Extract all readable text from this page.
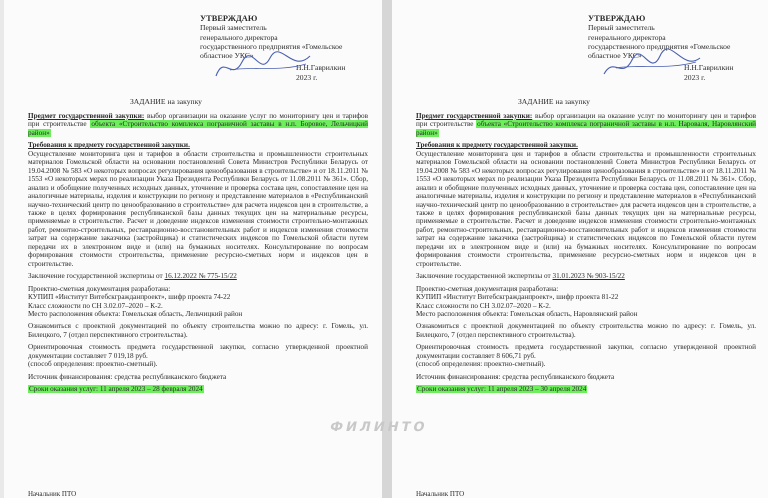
УТВЕРЖДАЮ
Первый заместитель
генерального директора
государственного предприятия «Гомельское
областное УКС»
Н.Н.Гаврилкин
2023 г.
ЗАДАНИЕ на закупку

Предмет государственной закупки: выбор организации на оказание услуг по мониторингу цен и тарифов при строительстве объекта «Строительство комплекса пограничной заставы в н.п. Боровое, Лельчицкий район»

Требования к предмету государственной закупки.
Осуществление мониторинга цен и тарифов в области строительства и промышленности строительных материалов Гомельской области на основании постановлений Совета Министров Республики Беларусь от 19.04.2008 № 583 «О некоторых вопросах регулирования ценообразования в строительстве» и от 18.11.2011 № 1553 «О некоторых мерах по реализации Указа Президента Республики Беларусь от 11.08.2011 № 361». Сбор, анализ и обобщение полученных исходных данных, уточнение и проверка состава цен, сопоставление цен на аналогичные материалы, изделия и конструкции по региону и представление материалов в «Республиканский научно-технический центр по ценообразованию в строительстве» для расчета индексов цен в строительстве, а также в целях формирования республиканской базы данных текущих цен на материальные ресурсы, применяемые в строительстве. Расчет и доведение индексов изменения стоимости строительно-монтажных работ, ремонтно-строительных, реставрационно-восстановительных работ и индексов изменения стоимости затрат на содержание заказчика (застройщика) и статистических индексов по Гомельской области путем передачи их в электронном виде и (или) на бумажных носителях. Консультирование по вопросам формирования стоимости строительства, применение ресурсно-сметных норм и индексов цен в строительстве.

Заключение государственной экспертизы от 16.12.2022 № 775-15/22

Проектно-сметная документация разработана:
КУПИП «Институт Витебскгражданпроект», шифр проекта 74-22
Класс сложности по СН 3.02.07–2020 – К-2.
Место расположения объекта: Гомельская область, Лельчицкий район

Ознакомиться с проектной документацией по объекту строительства можно по адресу: г. Гомель, ул. Билецкого, 7 (отдел перспективного строительства).

Ориентировочная стоимость предмета государственной закупки, согласно утвержденной проектной документации составляет 7 019,18 руб.
(способ определения: проектно-сметный).

Источник финансирования: средства республиканского бюджета

Сроки оказания услуг: 11 апреля 2023 – 28 февраля 2024

Начальник ПТО
УТВЕРЖДАЮ
Первый заместитель
генерального директора
государственного предприятия «Гомельское
областное УКС»
Н.Н.Гаврилкин
2023 г.
ЗАДАНИЕ на закупку

Предмет государственной закупки: выбор организации на оказание услуг по мониторингу цен и тарифов при строительстве объекта «Строительство комплекса пограничной заставы в н.п. Нароваля, Наровлянский район»

Требования к предмету государственной закупки.
Осуществление мониторинга цен и тарифов в области строительства и промышленности строительных материалов Гомельской области на основании постановлений Совета Министров Республики Беларусь от 19.04.2008 № 583 «О некоторых вопросах регулирования ценообразования в строительстве» и от 18.11.2011 № 1553 «О некоторых мерах по реализации Указа Президента Республики Беларусь от 11.08.2011 № 361». Сбор, анализ и обобщение полученных исходных данных, уточнение и проверка состава цен, сопоставление цен на аналогичные материалы, изделия и конструкции по региону и представление материалов в «Республиканский научно-технический центр по ценообразованию в строительстве» для расчета индексов цен в строительстве, а также в целях формирования республиканской базы данных текущих цен на материальные ресурсы, применяемые в строительстве. Расчет и доведение индексов изменения стоимости строительно-монтажных работ, ремонтно-строительных, реставрационно-восстановительных работ и индексов изменения стоимости затрат на содержание заказчика (застройщика) и статистических индексов по Гомельской области путем передачи их в электронном виде и (или) на бумажных носителях. Консультирование по вопросам формирования стоимости строительства, применение ресурсно-сметных норм и индексов цен в строительстве.

Заключение государственной экспертизы от 31.01.2023 № 903-15/22

Проектно-сметная документация разработана:
КУПИП «Институт Витебскгражданпроект», шифр проекта 81-22
Класс сложности по СН 3.02.07–2020 – К-2.
Место расположения объекта: Гомельская область, Наровлянский район

Ознакомиться с проектной документацией по объекту строительства можно по адресу: г. Гомель, ул. Билецкого, 7 (отдел перспективного строительства).

Ориентировочная стоимость предмета государственной закупки, согласно утвержденной проектной документации составляет 8 606,71 руб.
(способ определения: проектно-сметный).

Источник финансирования: средства республиканского бюджета

Сроки оказания услуг: 11 апреля 2023 – 30 апреля 2024

Начальник ПТО
ФИЛИНТО
